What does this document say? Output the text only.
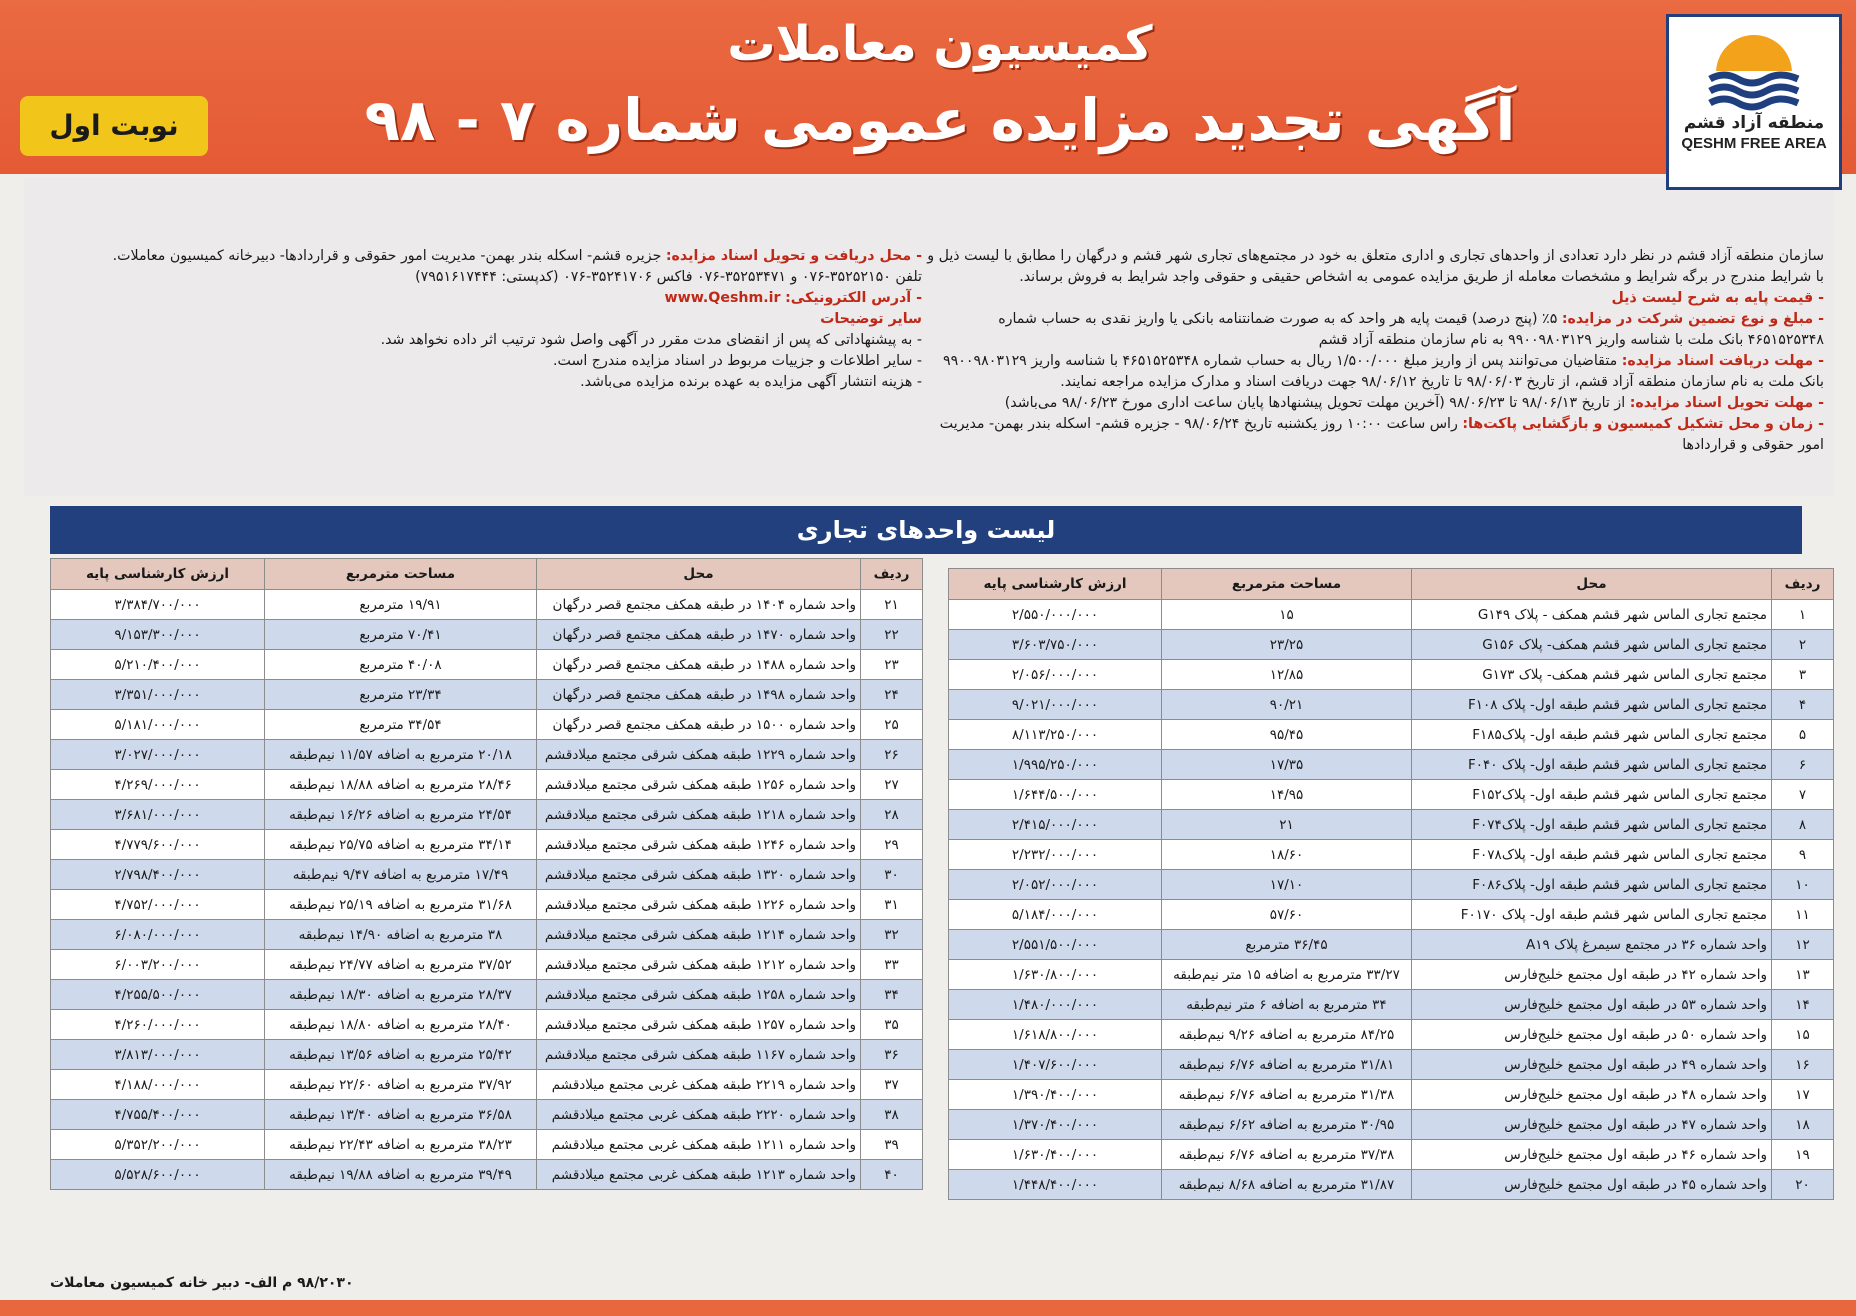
کمیسیون معاملات
آگهی تجدید مزایده عمومی شماره ۷ - ۹۸
نوبت اول	منطقه آزاد قشم
QESHM FREE AREA

سازمان منطقه آزاد قشم در نظر دارد تعدادی از واحدهای تجاری و اداری متعلق به خود در مجتمع‌های تجاری شهر قشم و درگهان را مطابق با لیست ذیل و با شرایط مندرج در برگه شرایط و مشخصات معامله از طریق مزایده عمومی به اشخاص حقیقی و حقوقی واجد شرایط به فروش برساند.

- قیمت پایه به شرح لیست ذیل

- مبلغ و نوع تضمین شرکت در مزایده: ۵٪ (پنج درصد) قیمت پایه هر واحد که به صورت ضمانتنامه بانکی یا واریز نقدی به حساب شماره ۴۶۵۱۵۲۵۳۴۸ بانک ملت با شناسه واریز ۹۹۰۰۹۸۰۳۱۲۹ به نام سازمان منطقه آزاد قشم

- مهلت دریافت اسناد مزایده: متقاضیان می‌توانند پس از واریز مبلغ ۱/۵۰۰/۰۰۰ ریال به حساب شماره ۴۶۵۱۵۲۵۳۴۸ با شناسه واریز ۹۹۰۰۹۸۰۳۱۲۹ بانک ملت به نام سازمان منطقه آزاد قشم، از تاریخ ۹۸/۰۶/۰۳ تا تاریخ ۹۸/۰۶/۱۲ جهت دریافت اسناد و مدارک مزایده مراجعه نمایند.

- مهلت تحویل اسناد مزایده: از تاریخ ۹۸/۰۶/۱۳ تا ۹۸/۰۶/۲۳ (آخرین مهلت تحویل پیشنهادها پایان ساعت اداری مورخ ۹۸/۰۶/۲۳ می‌باشد)

- زمان و محل تشکیل کمیسیون و بازگشایی پاکت‌ها: راس ساعت ۱۰:۰۰ روز یکشنبه تاریخ ۹۸/۰۶/۲۴ - جزیره قشم- اسکله بندر بهمن- مدیریت امور حقوقی و قراردادها

- محل دریافت و تحویل اسناد مزایده: جزیره قشم- اسکله بندر بهمن- مدیریت امور حقوقی و قراردادها- دبیرخانه کمیسیون معاملات.

تلفن ۳۵۲۵۲۱۵۰-۰۷۶ و ۳۵۲۵۳۴۷۱-۰۷۶ فاکس ۳۵۲۴۱۷۰۶-۰۷۶ (کدپستی: ۷۹۵۱۶۱۷۴۴۴)

- آدرس الکترونیکی: www.Qeshm.ir

سایر توضیحات

- به پیشنهاداتی که پس از انقضای مدت مقرر در آگهی واصل شود ترتیب اثر داده نخواهد شد.

- سایر اطلاعات و جزییات مربوط در اسناد مزایده مندرج است.

- هزینه انتشار آگهی مزایده به عهده برنده مزایده می‌باشد.

لیست واحدهای تجاری
ردیف	محل	مساحت مترمربع	ارزش کارشناسی پایه
۱	مجتمع تجاری الماس شهر قشم همکف - پلاک G۱۴۹	۱۵	۲/۵۵۰/۰۰۰/۰۰۰
۲	مجتمع تجاری الماس شهر قشم همکف- پلاک G۱۵۶	۲۳/۲۵	۳/۶۰۳/۷۵۰/۰۰۰
۳	مجتمع تجاری الماس شهر قشم همکف- پلاک G۱۷۳	۱۲/۸۵	۲/۰۵۶/۰۰۰/۰۰۰
۴	مجتمع تجاری الماس شهر قشم طبقه اول- پلاک F۱۰۸	۹۰/۲۱	۹/۰۲۱/۰۰۰/۰۰۰
۵	مجتمع تجاری الماس شهر قشم طبقه اول- پلاکF۱۸۵	۹۵/۴۵	۸/۱۱۳/۲۵۰/۰۰۰
۶	مجتمع تجاری الماس شهر قشم طبقه اول- پلاک F۰۴۰	۱۷/۳۵	۱/۹۹۵/۲۵۰/۰۰۰
۷	مجتمع تجاری الماس شهر قشم طبقه اول- پلاکF۱۵۲	۱۴/۹۵	۱/۶۴۴/۵۰۰/۰۰۰
۸	مجتمع تجاری الماس شهر قشم طبقه اول- پلاکF۰۷۴	۲۱	۲/۴۱۵/۰۰۰/۰۰۰
۹	مجتمع تجاری الماس شهر قشم طبقه اول- پلاکF۰۷۸	۱۸/۶۰	۲/۲۳۲/۰۰۰/۰۰۰
۱۰	مجتمع تجاری الماس شهر قشم طبقه اول- پلاکF۰۸۶	۱۷/۱۰	۲/۰۵۲/۰۰۰/۰۰۰
۱۱	مجتمع تجاری الماس شهر قشم طبقه اول- پلاک F۰۱۷۰	۵۷/۶۰	۵/۱۸۴/۰۰۰/۰۰۰
۱۲	واحد شماره ۳۶ در مجتمع سیمرغ پلاک A۱۹	۳۶/۴۵ مترمربع	۲/۵۵۱/۵۰۰/۰۰۰
۱۳	واحد شماره ۴۲ در طبقه اول مجتمع خلیج‌فارس	۳۳/۲۷ مترمربع به اضافه ۱۵ متر نیم‌طبقه	۱/۶۳۰/۸۰۰/۰۰۰
۱۴	واحد شماره ۵۳ در طبقه اول مجتمع خلیج‌فارس	۳۴ مترمربع به اضافه ۶ متر نیم‌طبقه	۱/۴۸۰/۰۰۰/۰۰۰
۱۵	واحد شماره ۵۰ در طبقه اول مجتمع خلیج‌فارس	۸۴/۲۵ مترمربع به اضافه ۹/۲۶ نیم‌طبقه	۱/۶۱۸/۸۰۰/۰۰۰
۱۶	واحد شماره ۴۹ در طبقه اول مجتمع خلیج‌فارس	۳۱/۸۱ مترمربع به اضافه ۶/۷۶ نیم‌طبقه	۱/۴۰۷/۶۰۰/۰۰۰
۱۷	واحد شماره ۴۸ در طبقه اول مجتمع خلیج‌فارس	۳۱/۳۸ مترمربع به اضافه ۶/۷۶ نیم‌طبقه	۱/۳۹۰/۴۰۰/۰۰۰
۱۸	واحد شماره ۴۷ در طبقه اول مجتمع خلیج‌فارس	۳۰/۹۵ مترمربع به اضافه ۶/۶۲ نیم‌طبقه	۱/۳۷۰/۴۰۰/۰۰۰
۱۹	واحد شماره ۴۶ در طبقه اول مجتمع خلیج‌فارس	۳۷/۳۸ مترمربع به اضافه ۶/۷۶ نیم‌طبقه	۱/۶۳۰/۴۰۰/۰۰۰
۲۰	واحد شماره ۴۵ در طبقه اول مجتمع خلیج‌فارس	۳۱/۸۷ مترمربع به اضافه ۸/۶۸ نیم‌طبقه	۱/۴۴۸/۴۰۰/۰۰۰
ردیف	محل	مساحت مترمربع	ارزش کارشناسی پایه
۲۱	واحد شماره ۱۴۰۴ در طبقه همکف مجتمع قصر درگهان	۱۹/۹۱ مترمربع	۳/۳۸۴/۷۰۰/۰۰۰
۲۲	واحد شماره ۱۴۷۰ در طبقه همکف مجتمع قصر درگهان	۷۰/۴۱ مترمربع	۹/۱۵۳/۳۰۰/۰۰۰
۲۳	واحد شماره ۱۴۸۸ در طبقه همکف مجتمع قصر درگهان	۴۰/۰۸ مترمربع	۵/۲۱۰/۴۰۰/۰۰۰
۲۴	واحد شماره ۱۴۹۸ در طبقه همکف مجتمع قصر درگهان	۲۳/۳۴ مترمربع	۳/۳۵۱/۰۰۰/۰۰۰
۲۵	واحد شماره ۱۵۰۰ در طبقه همکف مجتمع قصر درگهان	۳۴/۵۴ مترمربع	۵/۱۸۱/۰۰۰/۰۰۰
۲۶	واحد شماره ۱۲۲۹ طبقه همکف شرقی مجتمع میلادقشم	۲۰/۱۸ مترمربع به اضافه ۱۱/۵۷ نیم‌طبقه	۳/۰۲۷/۰۰۰/۰۰۰
۲۷	واحد شماره ۱۲۵۶ طبقه همکف شرقی مجتمع میلادقشم	۲۸/۴۶ مترمربع به اضافه ۱۸/۸۸ نیم‌طبقه	۴/۲۶۹/۰۰۰/۰۰۰
۲۸	واحد شماره ۱۲۱۸ طبقه همکف شرقی مجتمع میلادقشم	۲۴/۵۴ مترمربع به اضافه ۱۶/۲۶ نیم‌طبقه	۳/۶۸۱/۰۰۰/۰۰۰
۲۹	واحد شماره ۱۲۴۶ طبقه همکف شرقی مجتمع میلادقشم	۳۴/۱۴ مترمربع به اضافه ۲۵/۷۵ نیم‌طبقه	۴/۷۷۹/۶۰۰/۰۰۰
۳۰	واحد شماره ۱۳۲۰ طبقه همکف شرقی مجتمع میلادقشم	۱۷/۴۹ مترمربع به اضافه ۹/۴۷ نیم‌طبقه	۲/۷۹۸/۴۰۰/۰۰۰
۳۱	واحد شماره ۱۲۲۶ طبقه همکف شرقی مجتمع میلادقشم	۳۱/۶۸ مترمربع به اضافه ۲۵/۱۹ نیم‌طبقه	۴/۷۵۲/۰۰۰/۰۰۰
۳۲	واحد شماره ۱۲۱۴ طبقه همکف شرقی مجتمع میلادقشم	۳۸ مترمربع به اضافه ۱۴/۹۰ نیم‌طبقه	۶/۰۸۰/۰۰۰/۰۰۰
۳۳	واحد شماره ۱۲۱۲ طبقه همکف شرقی مجتمع میلادقشم	۳۷/۵۲ مترمربع به اضافه ۲۴/۷۷ نیم‌طبقه	۶/۰۰۳/۲۰۰/۰۰۰
۳۴	واحد شماره ۱۲۵۸ طبقه همکف شرقی مجتمع میلادقشم	۲۸/۳۷ مترمربع به اضافه ۱۸/۳۰ نیم‌طبقه	۴/۲۵۵/۵۰۰/۰۰۰
۳۵	واحد شماره ۱۲۵۷ طبقه همکف شرقی مجتمع میلادقشم	۲۸/۴۰ مترمربع به اضافه ۱۸/۸۰ نیم‌طبقه	۴/۲۶۰/۰۰۰/۰۰۰
۳۶	واحد شماره ۱۱۶۷ طبقه همکف شرقی مجتمع میلادقشم	۲۵/۴۲ مترمربع به اضافه ۱۳/۵۶ نیم‌طبقه	۳/۸۱۳/۰۰۰/۰۰۰
۳۷	واحد شماره ۲۲۱۹ طبقه همکف غربی مجتمع میلادقشم	۳۷/۹۲ مترمربع به اضافه ۲۲/۶۰ نیم‌طبقه	۴/۱۸۸/۰۰۰/۰۰۰
۳۸	واحد شماره ۲۲۲۰ طبقه همکف غربی مجتمع میلادقشم	۳۶/۵۸ مترمربع به اضافه ۱۳/۴۰ نیم‌طبقه	۴/۷۵۵/۴۰۰/۰۰۰
۳۹	واحد شماره ۱۲۱۱ طبقه همکف غربی مجتمع میلادقشم	۳۸/۲۳ مترمربع به اضافه ۲۲/۴۳ نیم‌طبقه	۵/۳۵۲/۲۰۰/۰۰۰
۴۰	واحد شماره ۱۲۱۳ طبقه همکف غربی مجتمع میلادقشم	۳۹/۴۹ مترمربع به اضافه ۱۹/۸۸ نیم‌طبقه	۵/۵۲۸/۶۰۰/۰۰۰
۹۸/۲۰۳۰ م الف- دبیر خانه کمیسیون معاملات
